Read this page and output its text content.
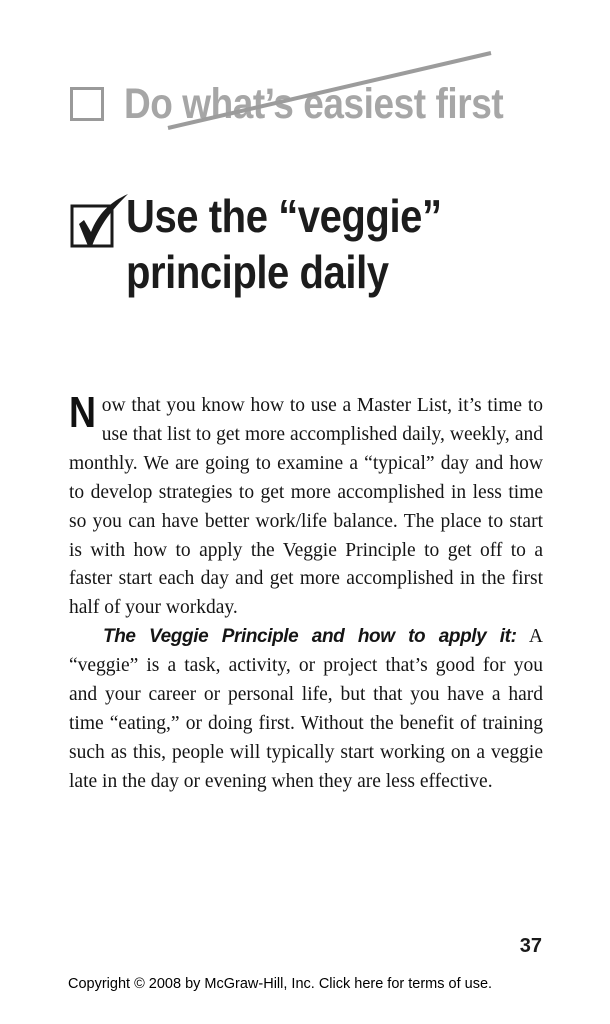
Do what’s easiest first
Use the “veggie”
principle daily

Now that you know how to use a Master List, it’s time to use that list to get more accomplished daily, weekly, and monthly. We are going to examine a “typical” day and how to develop strategies to get more accomplished in less time so you can have better work/life balance. The place to start is with how to apply the Veggie Principle to get off to a faster start each day and get more accomplished in the first half of your workday.

The Veggie Principle and how to apply it: A “veggie” is a task, activity, or project that’s good for you and your career or personal life, but that you have a hard time “eating,” or doing first. Without the benefit of training such as this, people will typically start working on a veggie late in the day or evening when they are less effective.

37
Copyright © 2008 by McGraw-Hill, Inc. Click here for terms of use.
